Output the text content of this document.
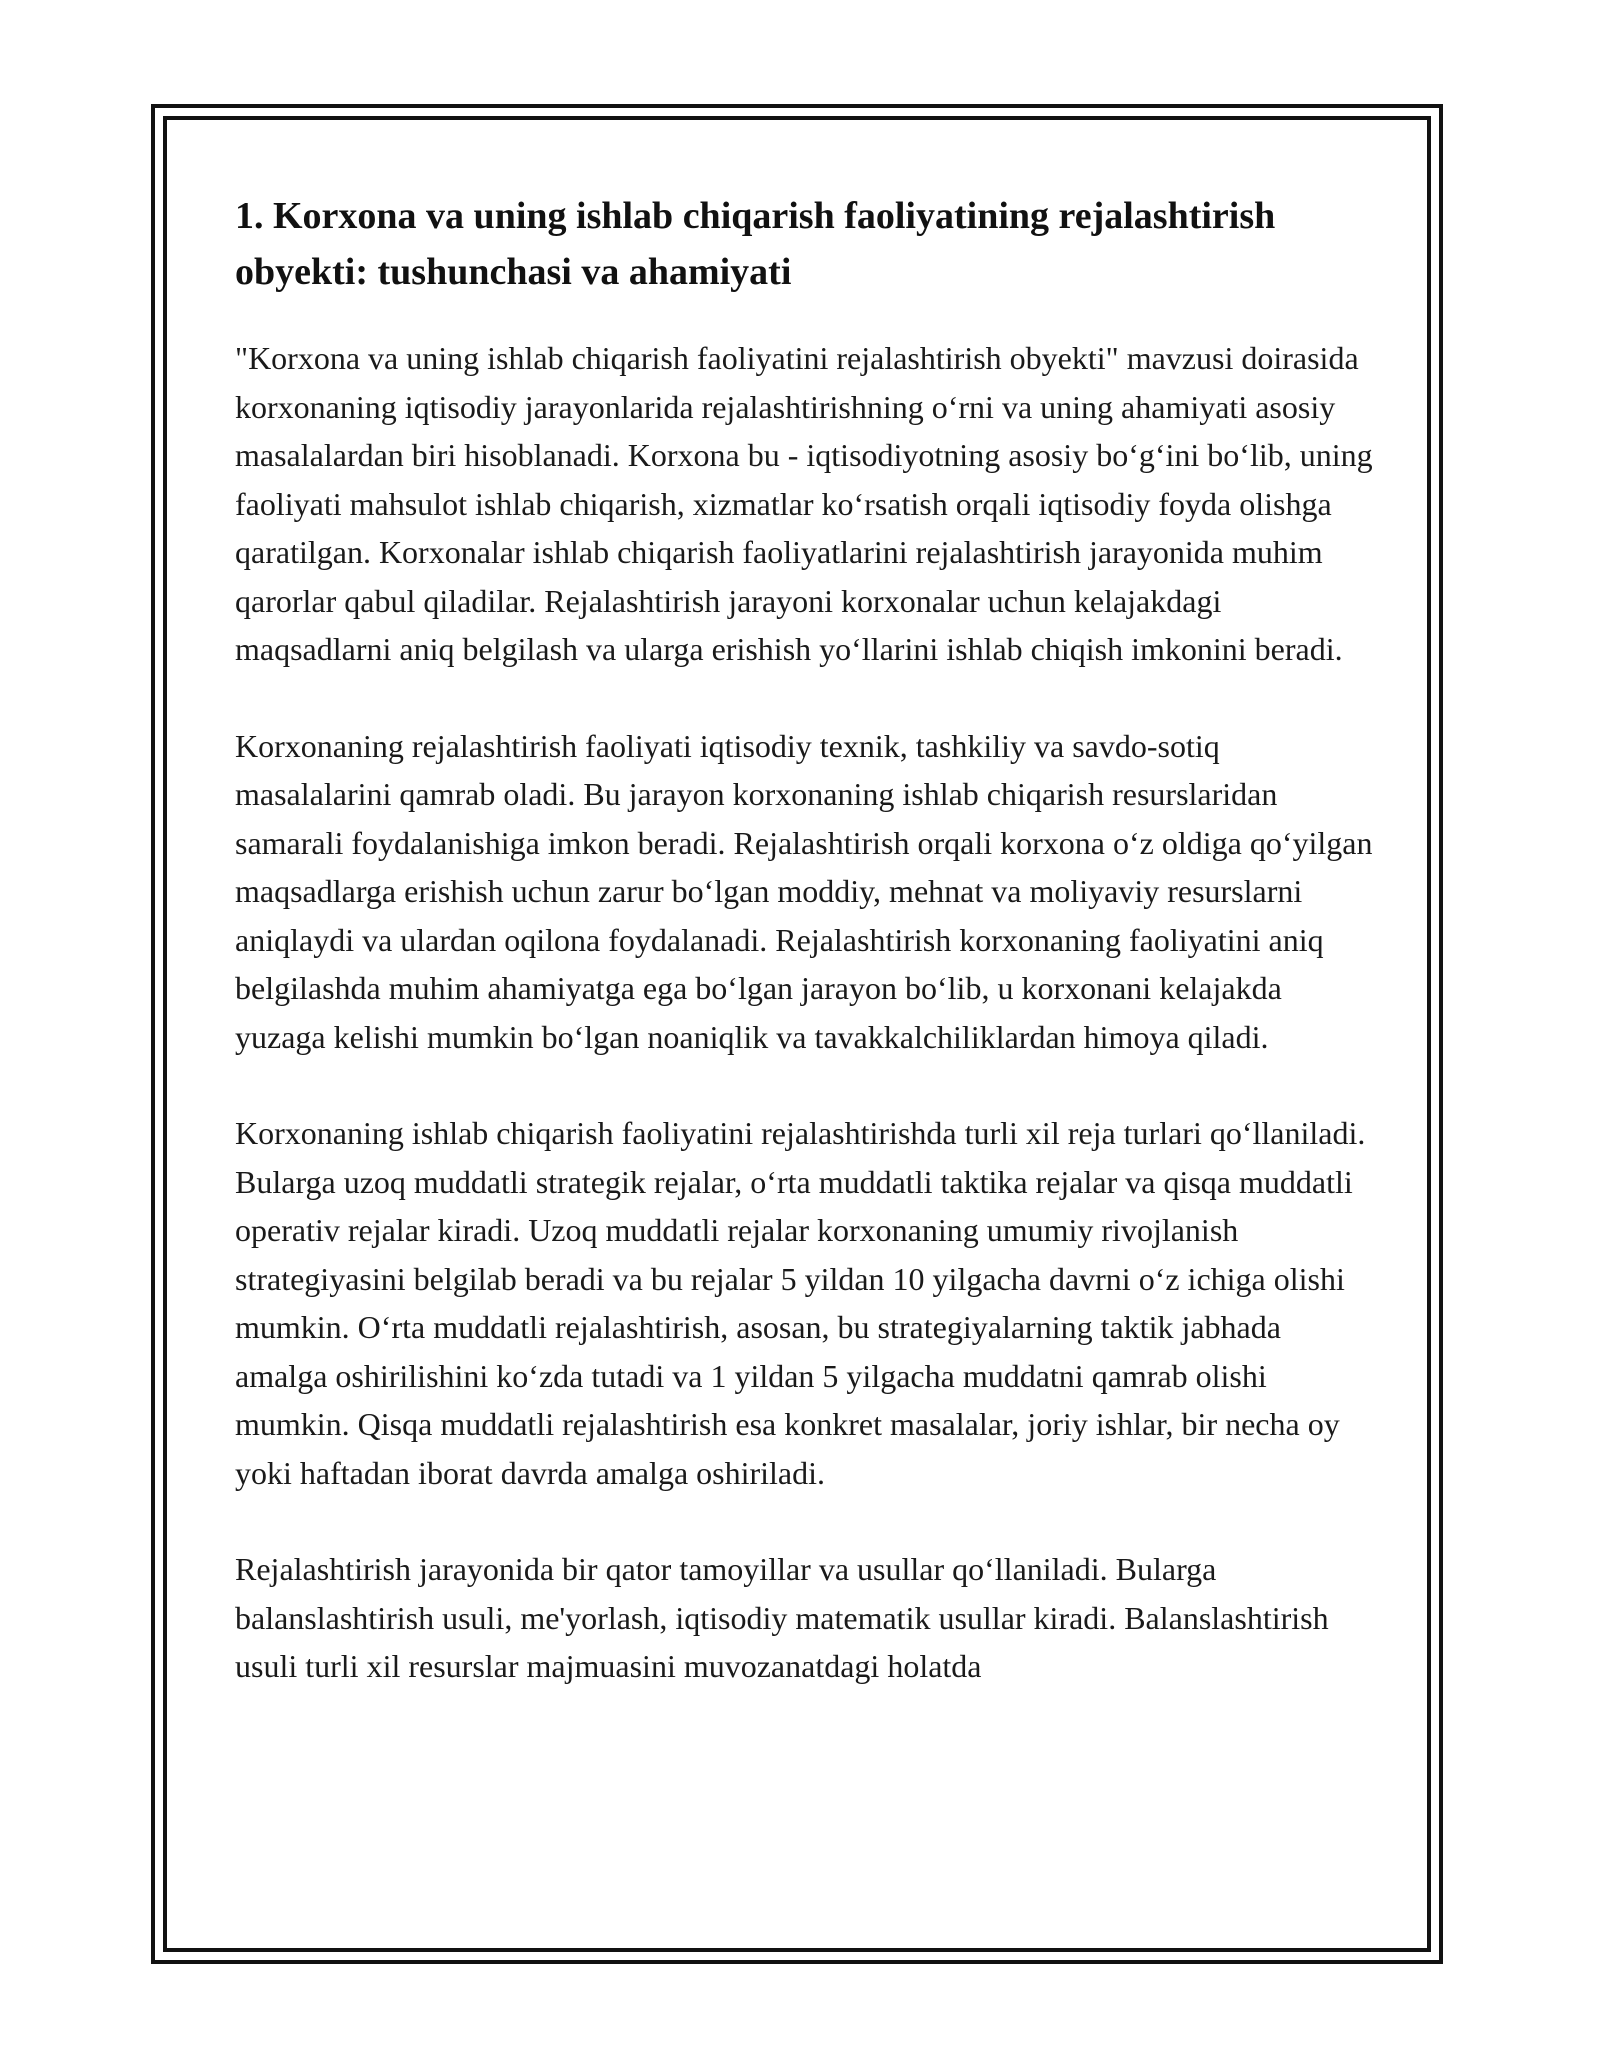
1. Korxona va uning ishlab chiqarish faoliyatining rejalashtirish obyekti: tushunchasi va ahamiyati

"Korxona va uning ishlab chiqarish faoliyatini rejalashtirish obyekti" mavzusi doirasida korxonaning iqtisodiy jarayonlarida rejalashtirishning o‘rni va uning ahamiyati asosiy masalalardan biri hisoblanadi. Korxona bu - iqtisodiyotning asosiy bo‘g‘ini bo‘lib, uning faoliyati mahsulot ishlab chiqarish, xizmatlar ko‘rsatish orqali iqtisodiy foyda olishga qaratilgan. Korxonalar ishlab chiqarish faoliyatlarini rejalashtirish jarayonida muhim qarorlar qabul qiladilar. Rejalashtirish jarayoni korxonalar uchun kelajakdagi maqsadlarni aniq belgilash va ularga erishish yo‘llarini ishlab chiqish imkonini beradi.

Korxonaning rejalashtirish faoliyati iqtisodiy texnik, tashkiliy va savdo-sotiq masalalarini qamrab oladi. Bu jarayon korxonaning ishlab chiqarish resurslaridan samarali foydalanishiga imkon beradi. Rejalashtirish orqali korxona o‘z oldiga qo‘yilgan maqsadlarga erishish uchun zarur bo‘lgan moddiy, mehnat va moliyaviy resurslarni aniqlaydi va ulardan oqilona foydalanadi. Rejalashtirish korxonaning faoliyatini aniq belgilashda muhim ahamiyatga ega bo‘lgan jarayon bo‘lib, u korxonani kelajakda yuzaga kelishi mumkin bo‘lgan noaniqlik va tavakkalchiliklardan himoya qiladi.

Korxonaning ishlab chiqarish faoliyatini rejalashtirishda turli xil reja turlari qo‘llaniladi. Bularga uzoq muddatli strategik rejalar, o‘rta muddatli taktika rejalar va qisqa muddatli operativ rejalar kiradi. Uzoq muddatli rejalar korxonaning umumiy rivojlanish strategiyasini belgilab beradi va bu rejalar 5 yildan 10 yilgacha davrni o‘z ichiga olishi mumkin. O‘rta muddatli rejalashtirish, asosan, bu strategiyalarning taktik jabhada amalga oshirilishini ko‘zda tutadi va 1 yildan 5 yilgacha muddatni qamrab olishi mumkin. Qisqa muddatli rejalashtirish esa konkret masalalar, joriy ishlar, bir necha oy yoki haftadan iborat davrda amalga oshiriladi.

Rejalashtirish jarayonida bir qator tamoyillar va usullar qo‘llaniladi. Bularga balanslashtirish usuli, me'yorlash, iqtisodiy matematik usullar kiradi. Balanslashtirish usuli turli xil resurslar majmuasini muvozanatdagi holatda
